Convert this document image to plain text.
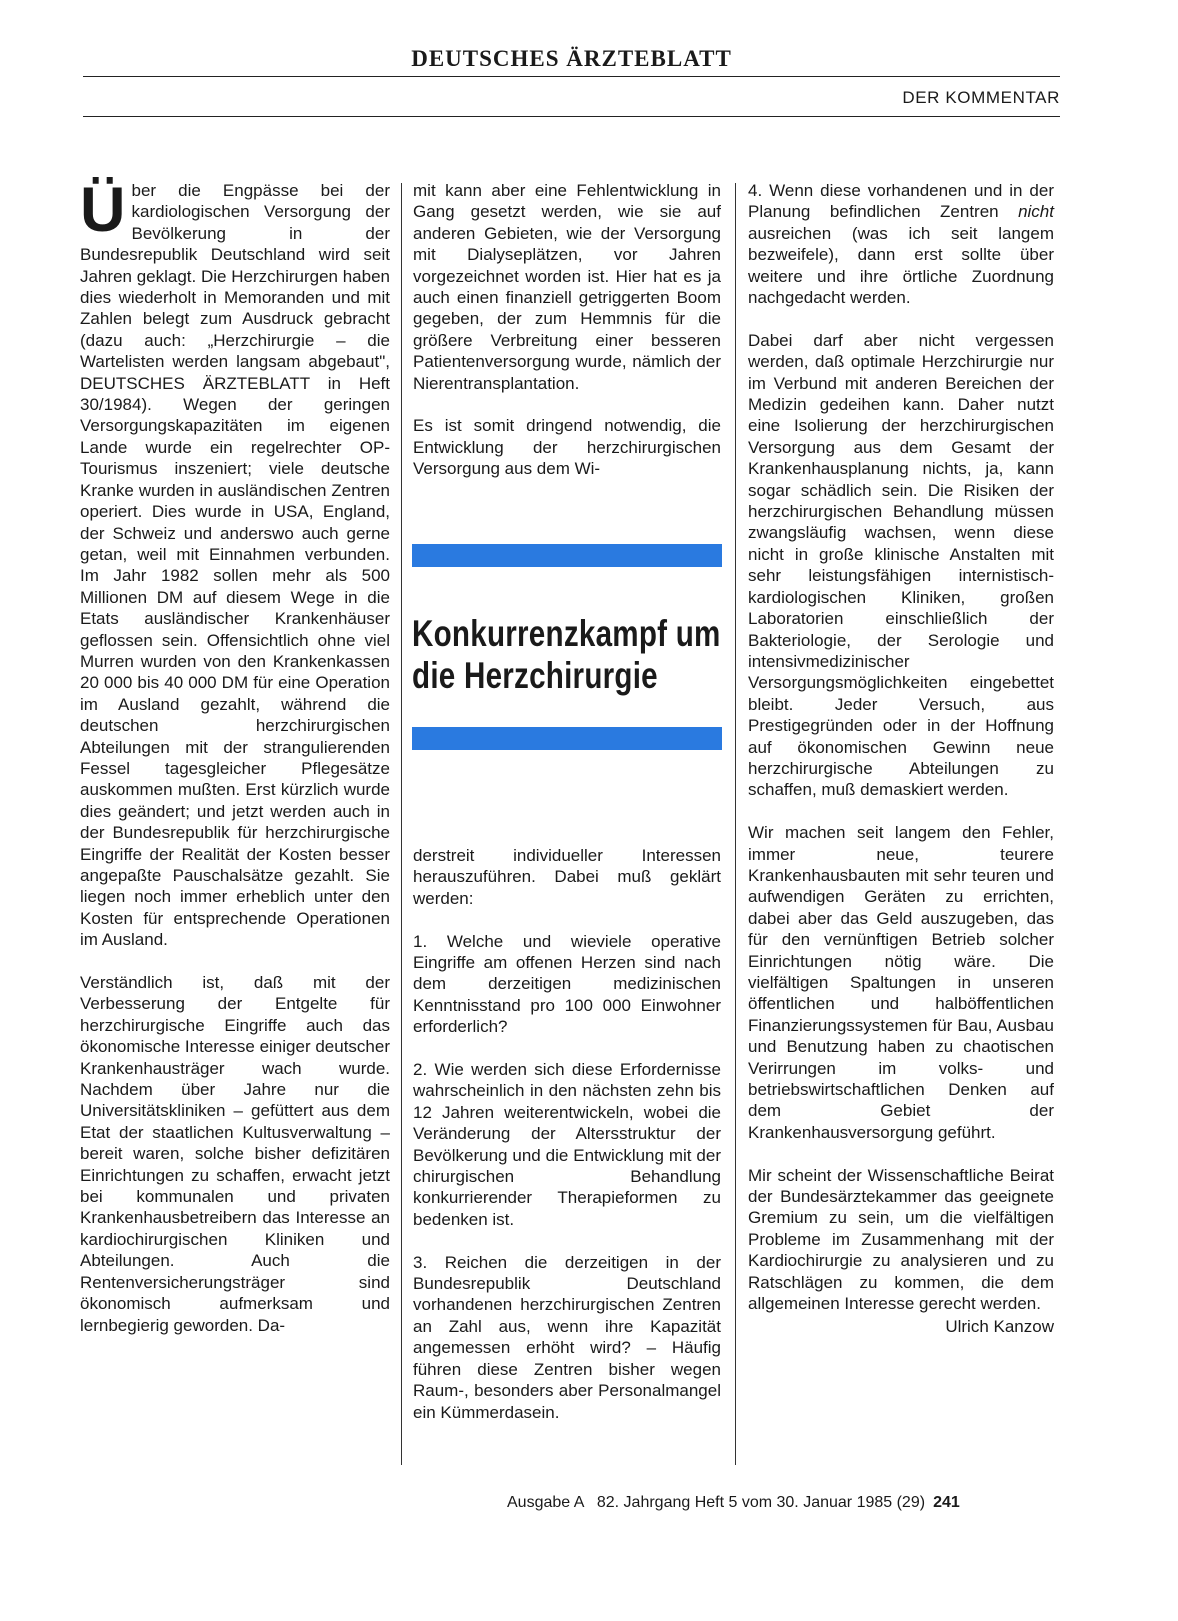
DEUTSCHES ÄRZTEBLATT
DER KOMMENTAR

Über die Engpässe bei der kardiologischen Versorgung der Bevölkerung in der Bundesrepublik Deutschland wird seit Jahren geklagt. Die Herzchirurgen haben dies wiederholt in Memoranden und mit Zahlen belegt zum Ausdruck gebracht (dazu auch: „Herzchirurgie – die Wartelisten werden langsam abgebaut", DEUTSCHES ÄRZTEBLATT in Heft 30/1984). Wegen der geringen Versorgungskapazitäten im eigenen Lande wurde ein regelrechter OP-Tourismus inszeniert; viele deutsche Kranke wurden in ausländischen Zentren operiert. Dies wurde in USA, England, der Schweiz und anderswo auch gerne getan, weil mit Einnahmen verbunden. Im Jahr 1982 sollen mehr als 500 Millionen DM auf diesem Wege in die Etats ausländischer Krankenhäuser geflossen sein. Offensichtlich ohne viel Murren wurden von den Krankenkassen 20 000 bis 40 000 DM für eine Operation im Ausland gezahlt, während die deutschen herzchirurgischen Abteilungen mit der strangulierenden Fessel tagesgleicher Pflegesätze auskommen mußten. Erst kürzlich wurde dies geändert; und jetzt werden auch in der Bundesrepublik für herzchirurgische Eingriffe der Realität der Kosten besser angepaßte Pauschalsätze gezahlt. Sie liegen noch immer erheblich unter den Kosten für entsprechende Operationen im Ausland.

Verständlich ist, daß mit der Verbesserung der Entgelte für herzchirurgische Eingriffe auch das ökonomische Interesse einiger deutscher Krankenhausträger wach wurde. Nachdem über Jahre nur die Universitätskliniken – gefüttert aus dem Etat der staatlichen Kultusverwaltung – bereit waren, solche bisher defizitären Einrichtungen zu schaffen, erwacht jetzt bei kommunalen und privaten Krankenhausbetreibern das Interesse an kardiochirurgischen Kliniken und Abteilungen. Auch die Rentenversicherungsträger sind ökonomisch aufmerksam und lernbegierig geworden. Da-

mit kann aber eine Fehlentwicklung in Gang gesetzt werden, wie sie auf anderen Gebieten, wie der Versorgung mit Dialyseplätzen, vor Jahren vorgezeichnet worden ist. Hier hat es ja auch einen finanziell getriggerten Boom gegeben, der zum Hemmnis für die größere Verbreitung einer besseren Patientenversorgung wurde, nämlich der Nierentransplantation.

Es ist somit dringend notwendig, die Entwicklung der herzchirurgischen Versorgung aus dem Wi-

Konkurrenzkampf um die Herzchirurgie

derstreit individueller Interessen herauszuführen. Dabei muß geklärt werden:

1. Welche und wieviele operative Eingriffe am offenen Herzen sind nach dem derzeitigen medizinischen Kenntnisstand pro 100 000 Einwohner erforderlich?

2. Wie werden sich diese Erfordernisse wahrscheinlich in den nächsten zehn bis 12 Jahren weiterentwickeln, wobei die Veränderung der Altersstruktur der Bevölkerung und die Entwicklung mit der chirurgischen Behandlung konkurrierender Therapieformen zu bedenken ist.

3. Reichen die derzeitigen in der Bundesrepublik Deutschland vorhandenen herzchirurgischen Zentren an Zahl aus, wenn ihre Kapazität angemessen erhöht wird? – Häufig führen diese Zentren bisher wegen Raum-, besonders aber Personalmangel ein Kümmerdasein.

4. Wenn diese vorhandenen und in der Planung befindlichen Zentren nicht ausreichen (was ich seit langem bezweifele), dann erst sollte über weitere und ihre örtliche Zuordnung nachgedacht werden.

Dabei darf aber nicht vergessen werden, daß optimale Herzchirurgie nur im Verbund mit anderen Bereichen der Medizin gedeihen kann. Daher nutzt eine Isolierung der herzchirurgischen Versorgung aus dem Gesamt der Krankenhausplanung nichts, ja, kann sogar schädlich sein. Die Risiken der herzchirurgischen Behandlung müssen zwangsläufig wachsen, wenn diese nicht in große klinische Anstalten mit sehr leistungsfähigen internistisch-kardiologischen Kliniken, großen Laboratorien einschließlich der Bakteriologie, der Serologie und intensivmedizinischer Versorgungsmöglichkeiten eingebettet bleibt. Jeder Versuch, aus Prestigegründen oder in der Hoffnung auf ökonomischen Gewinn neue herzchirurgische Abteilungen zu schaffen, muß demaskiert werden.

Wir machen seit langem den Fehler, immer neue, teurere Krankenhausbauten mit sehr teuren und aufwendigen Geräten zu errichten, dabei aber das Geld auszugeben, das für den vernünftigen Betrieb solcher Einrichtungen nötig wäre. Die vielfältigen Spaltungen in unseren öffentlichen und halböffentlichen Finanzierungssystemen für Bau, Ausbau und Benutzung haben zu chaotischen Verirrungen im volks- und betriebswirtschaftlichen Denken auf dem Gebiet der Krankenhausversorgung geführt.

Mir scheint der Wissenschaftliche Beirat der Bundesärztekammer das geeignete Gremium zu sein, um die vielfältigen Probleme im Zusammenhang mit der Kardiochirurgie zu analysieren und zu Ratschlägen zu kommen, die dem allgemeinen Interesse gerecht werden.

Ulrich Kanzow
Ausgabe A   82. Jahrgang Heft 5 vom 30. Januar 1985 (29) 241
